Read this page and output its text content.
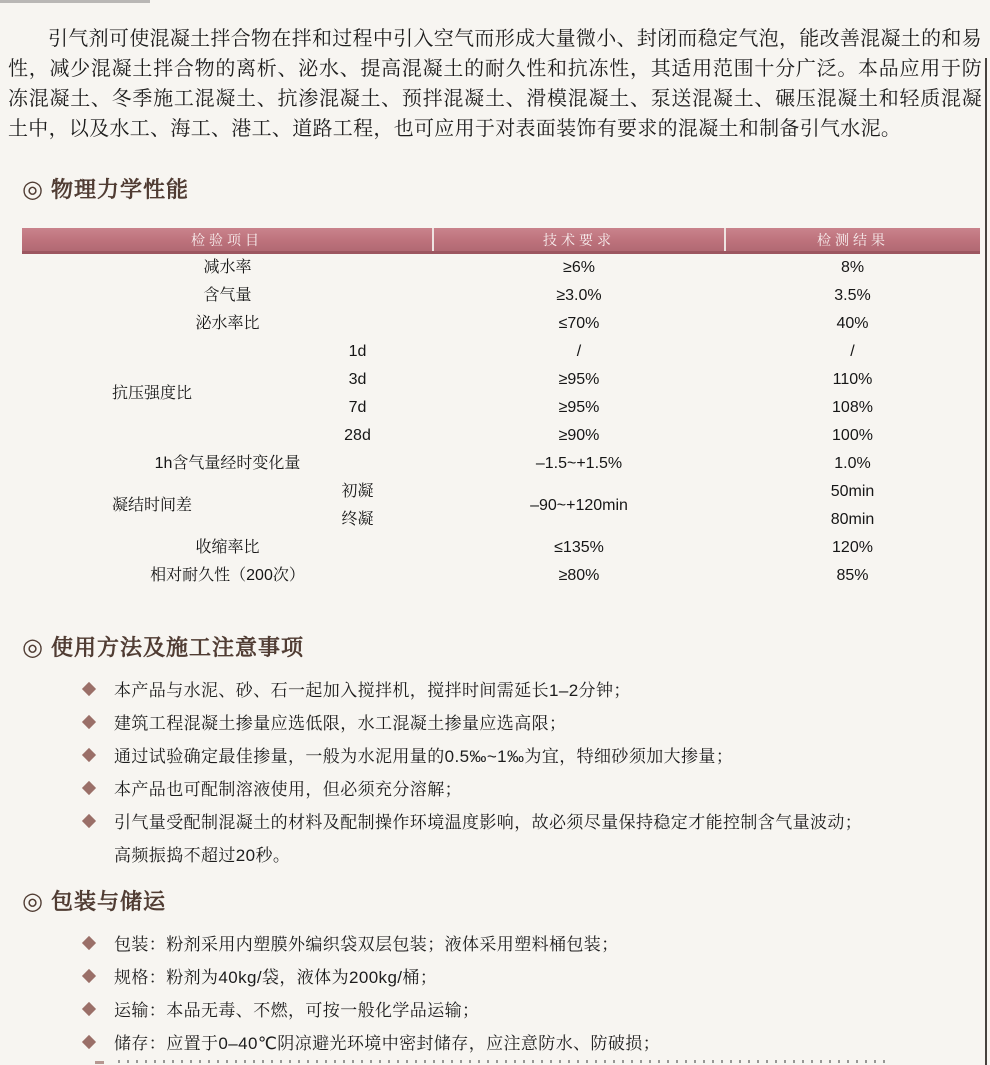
引气剂可使混凝土拌合物在拌和过程中引入空气而形成大量微小、封闭而稳定气泡，能改善混凝土的和易性，减少混凝土拌合物的离析、泌水、提高混凝土的耐久性和抗冻性，其适用范围十分广泛。本品应用于防冻混凝土、冬季施工混凝土、抗渗混凝土、预拌混凝土、滑模混凝土、泵送混凝土、碾压混凝土和轻质混凝土中，以及水工、海工、港工、道路工程，也可应用于对表面装饰有要求的混凝土和制备引气水泥。

◎ 物理力学性能
检验项目		技术要求	检测结果
减水率		≥6%	8%
含气量		≥3.0%	3.5%
泌水率比		≤70%	40%
抗压强度比	1d	/	/
	3d	≥95%	110%
	7d	≥95%	108%
	28d	≥90%	100%
1h含气量经时变化量		–1.5~+1.5%	1.0%
凝结时间差	初凝	–90~+120min	50min
	终凝		80min
收缩率比		≤135%	120%
相对耐久性（200次）		≥80%	85%
◎ 使用方法及施工注意事项
本产品与水泥、砂、石一起加入搅拌机，搅拌时间需延长1–2分钟；
建筑工程混凝土掺量应选低限，水工混凝土掺量应选高限；
通过试验确定最佳掺量，一般为水泥用量的0.5‰~1‰为宜，特细砂须加大掺量；
本产品也可配制溶液使用，但必须充分溶解；
引气量受配制混凝土的材料及配制操作环境温度影响，故必须尽量保持稳定才能控制含气量波动；
高频振捣不超过20秒。
◎ 包装与储运
包装：粉剂采用内塑膜外编织袋双层包装；液体采用塑料桶包装；
规格：粉剂为40kg/袋，液体为200kg/桶；
运输：本品无毒、不燃，可按一般化学品运输；
储存：应置于0–40℃阴凉避光环境中密封储存，应注意防水、防破损；
